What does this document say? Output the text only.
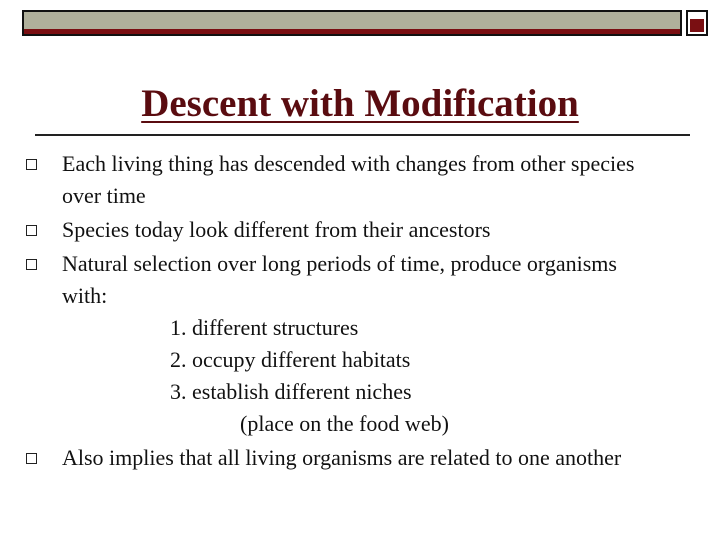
Descent with Modification
Each living thing has descended with changes from other species over time
Species today look different from their ancestors
Natural selection over long periods of time, produce organisms with:
1. different structures
2. occupy different habitats
3. establish different niches
(place on the food web)
Also implies that all living organisms are related to one another
